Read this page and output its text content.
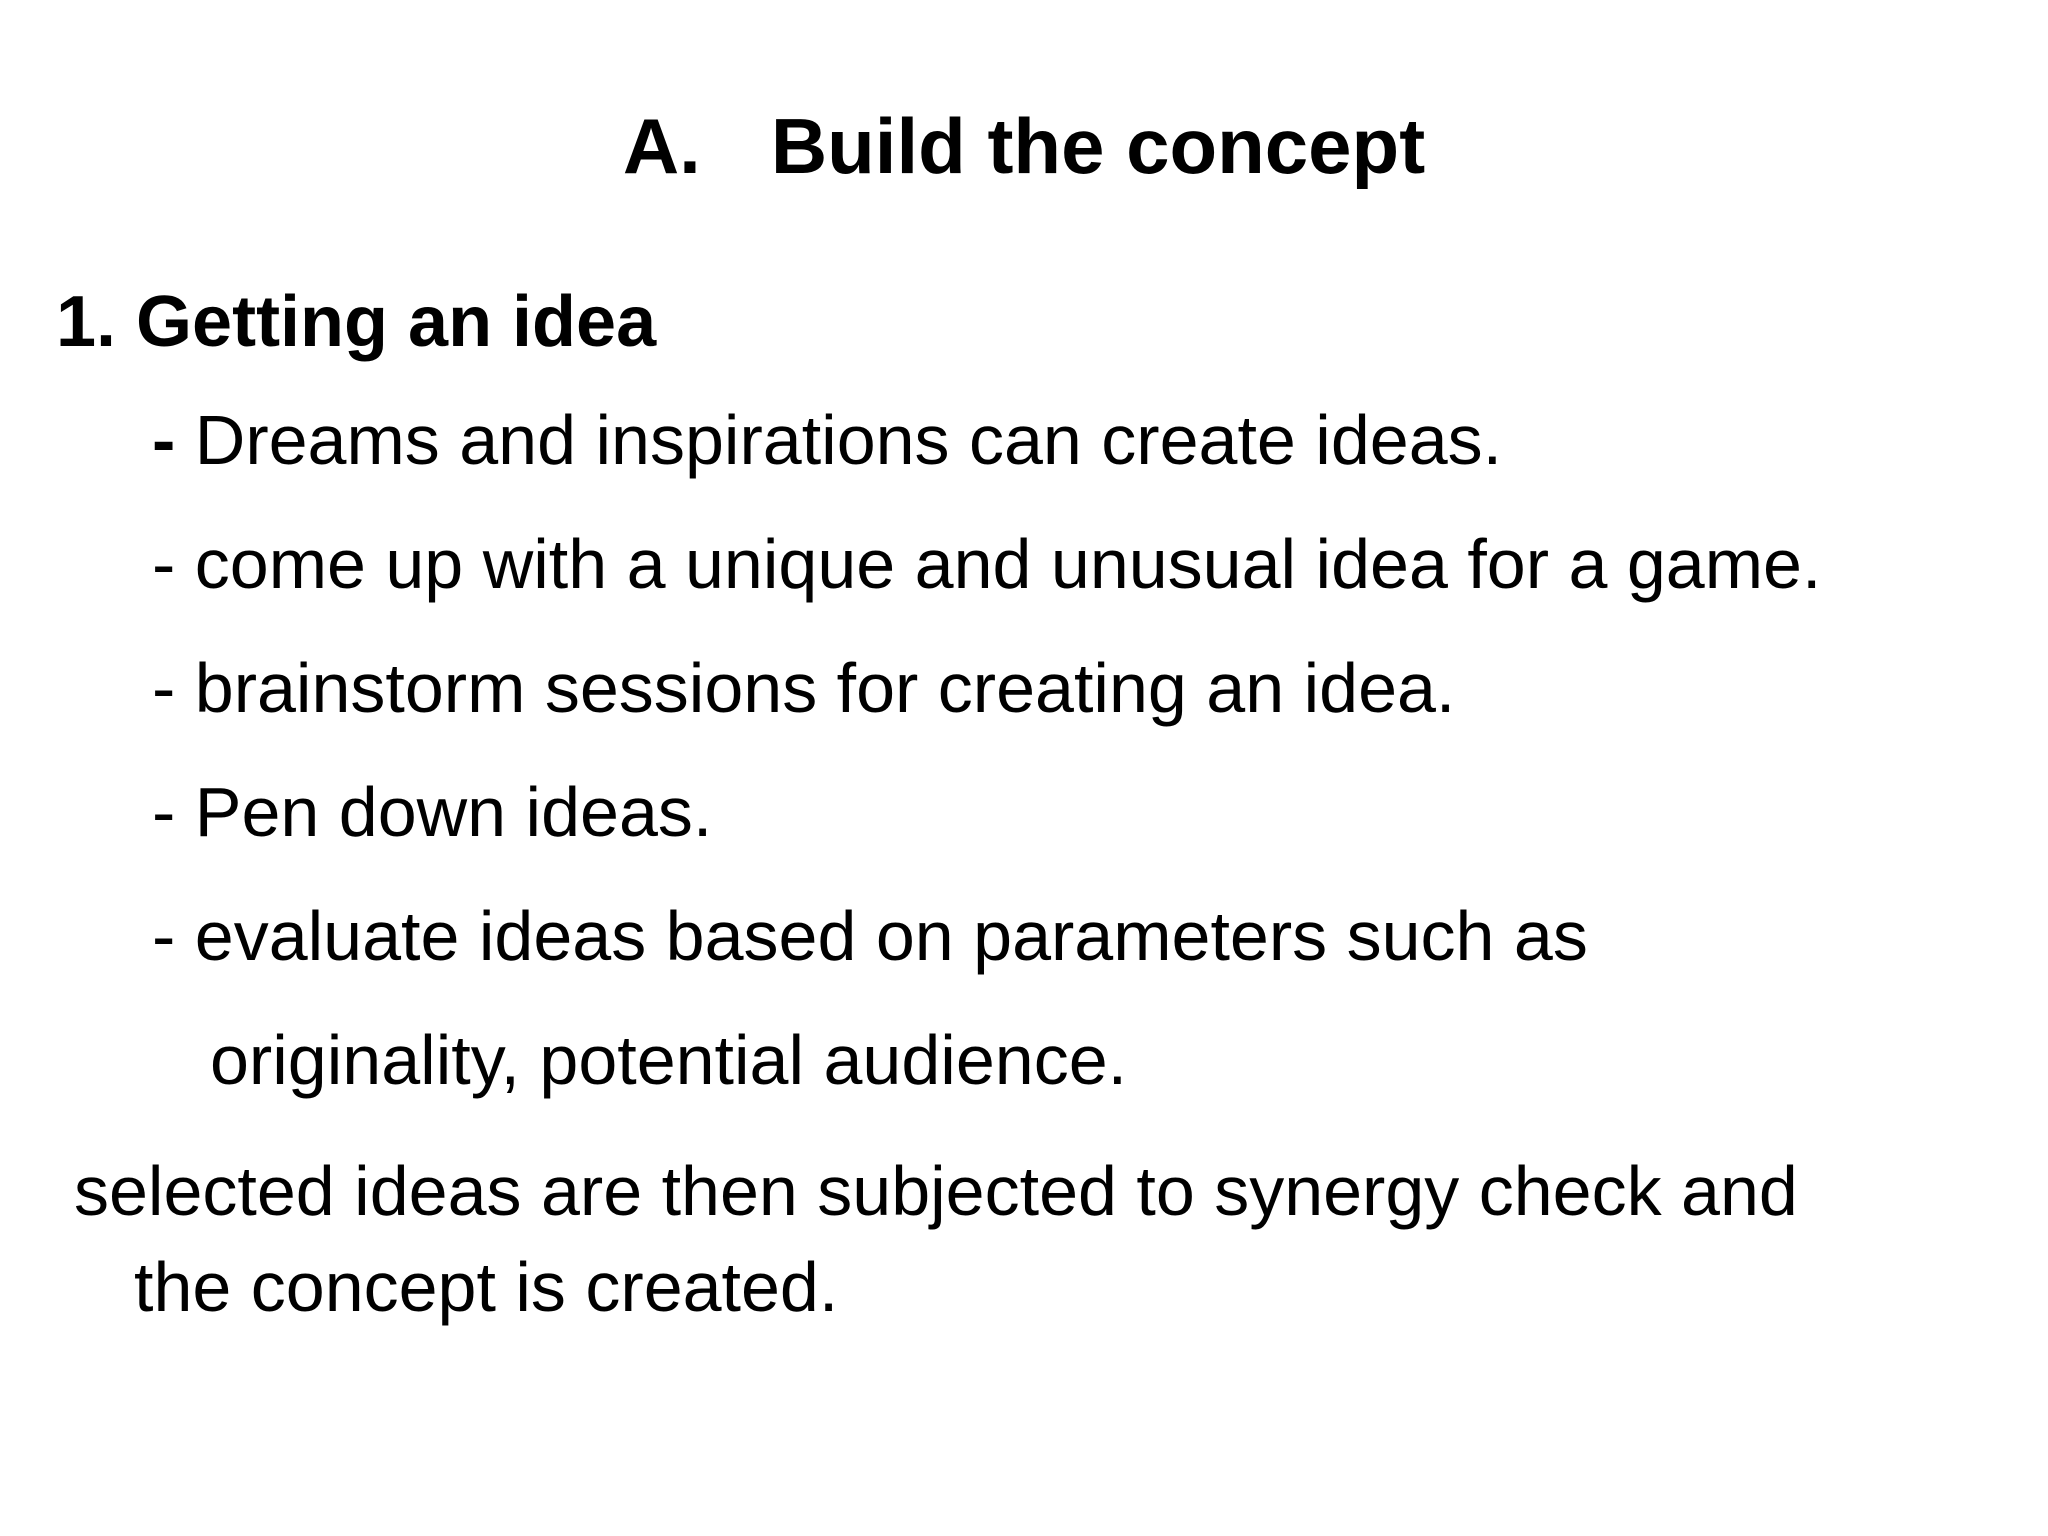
A. Build the concept
1. Getting an idea
- Dreams and inspirations can create ideas.
- come up with a unique and unusual idea for a game.
- brainstorm sessions for creating an idea.
- Pen down ideas.
- evaluate ideas based on parameters such as
originality, potential audience.
selected ideas are then subjected to synergy check and
the concept is created.
